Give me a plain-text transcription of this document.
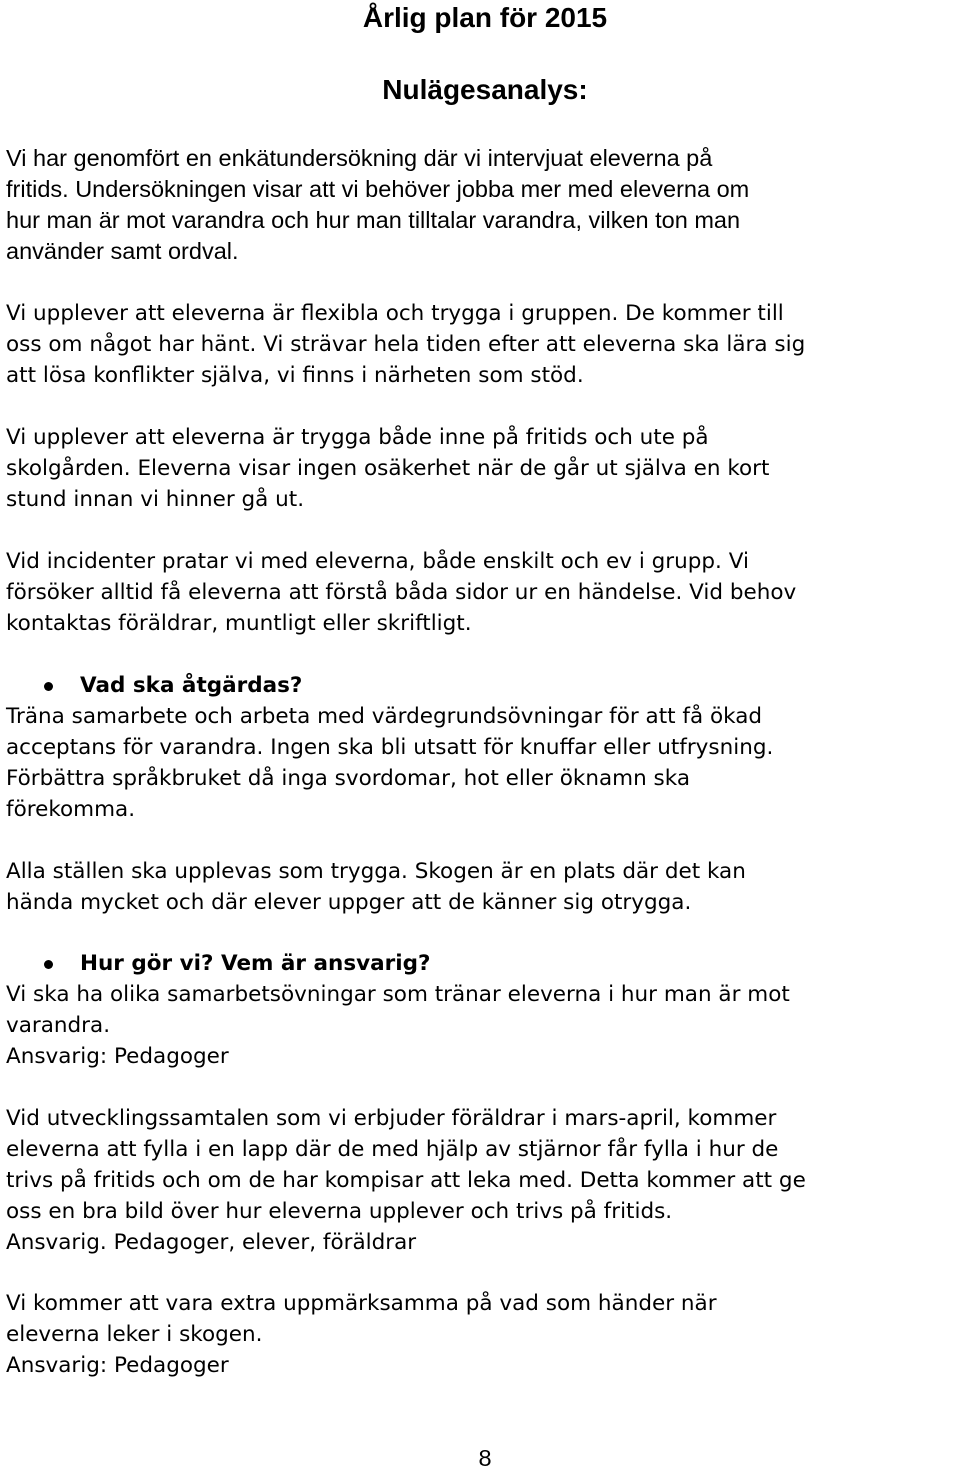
Årlig plan för 2015
Nulägesanalys:

Vi har genomfört en enkätundersökning där vi intervjuat eleverna på
fritids. Undersökningen visar att vi behöver jobba mer med eleverna om
hur man är mot varandra och hur man tilltalar varandra, vilken ton man
använder samt ordval.

Vi upplever att eleverna är flexibla och trygga i gruppen. De kommer till
oss om något har hänt. Vi strävar hela tiden efter att eleverna ska lära sig
att lösa konflikter själva, vi finns i närheten som stöd.

Vi upplever att eleverna är trygga både inne på fritids och ute på
skolgården. Eleverna visar ingen osäkerhet när de går ut själva en kort
stund innan vi hinner gå ut.

Vid incidenter pratar vi med eleverna, både enskilt och ev i grupp. Vi
försöker alltid få eleverna att förstå båda sidor ur en händelse. Vid behov
kontaktas föräldrar, muntligt eller skriftligt.

Vad ska åtgärdas?

Träna samarbete och arbeta med värdegrundsövningar för att få ökad
acceptans för varandra. Ingen ska bli utsatt för knuffar eller utfrysning.
Förbättra språkbruket då inga svordomar, hot eller öknamn ska
förekomma.

Alla ställen ska upplevas som trygga. Skogen är en plats där det kan
hända mycket och där elever uppger att de känner sig otrygga.

Hur gör vi? Vem är ansvarig?

Vi ska ha olika samarbetsövningar som tränar eleverna i hur man är mot
varandra.
Ansvarig: Pedagoger

Vid utvecklingssamtalen som vi erbjuder föräldrar i mars-april, kommer
eleverna att fylla i en lapp där de med hjälp av stjärnor får fylla i hur de
trivs på fritids och om de har kompisar att leka med. Detta kommer att ge
oss en bra bild över hur eleverna upplever och trivs på fritids.
Ansvarig. Pedagoger, elever, föräldrar

Vi kommer att vara extra uppmärksamma på vad som händer när
eleverna leker i skogen.
Ansvarig: Pedagoger

8
